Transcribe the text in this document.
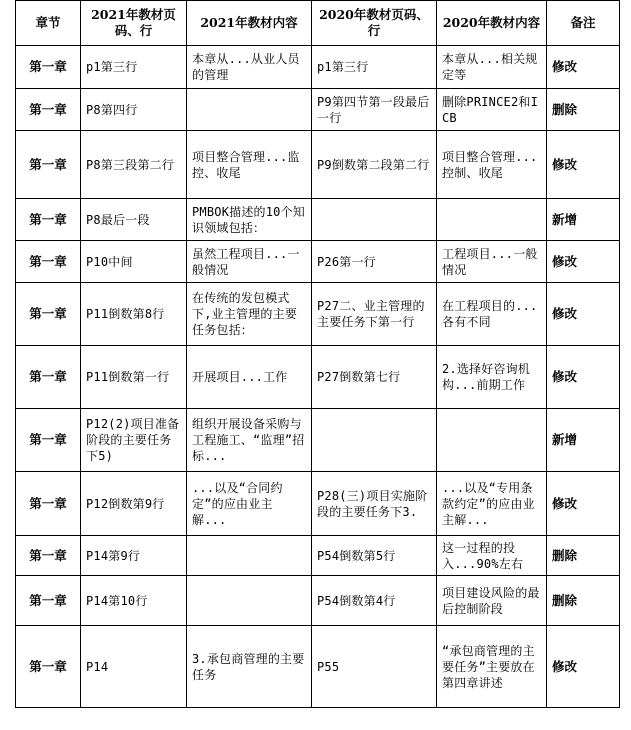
章节	2021年教材页码、行	2021年教材内容	2020年教材页码、行	2020年教材内容	备注
第一章	p1第三行	本章从...从业人员的管理	p1第三行	本章从...相关规定等	修改
第一章	P8第四行		P9第四节第一段最后一行	删除PRINCE2和ICB	删除
第一章	P8第三段第二行	项目整合管理...监控、收尾	P9倒数第二段第二行	项目整合管理...控制、收尾	修改
第一章	P8最后一段	PMBOK描述的10个知识领域包括：			新增
第一章	P10中间	虽然工程项目...一般情况	P26第一行	工程项目...一般情况	修改
第一章	P11倒数第8行	在传统的发包模式下,业主管理的主要任务包括：	P27二、业主管理的主要任务下第一行	在工程项目的...各有不同	修改
第一章	P11倒数第一行	开展项目...工作	P27倒数第七行	2.选择好咨询机构...前期工作	修改
第一章	P12(2)项目准备阶段的主要任务下5)	组织开展设备采购与工程施工、“监理”招标...			新增
第一章	P12倒数第9行	...以及“合同约定”的应由业主解...	P28(三)项目实施阶段的主要任务下3.	...以及“专用条款约定”的应由业主解...	修改
第一章	P14第9行		P54倒数第5行	这一过程的投入...90%左右	删除
第一章	P14第10行		P54倒数第4行	项目建设风险的最后控制阶段	删除
第一章	P14	3.承包商管理的主要任务	P55	“承包商管理的主要任务”主要放在第四章讲述	修改
